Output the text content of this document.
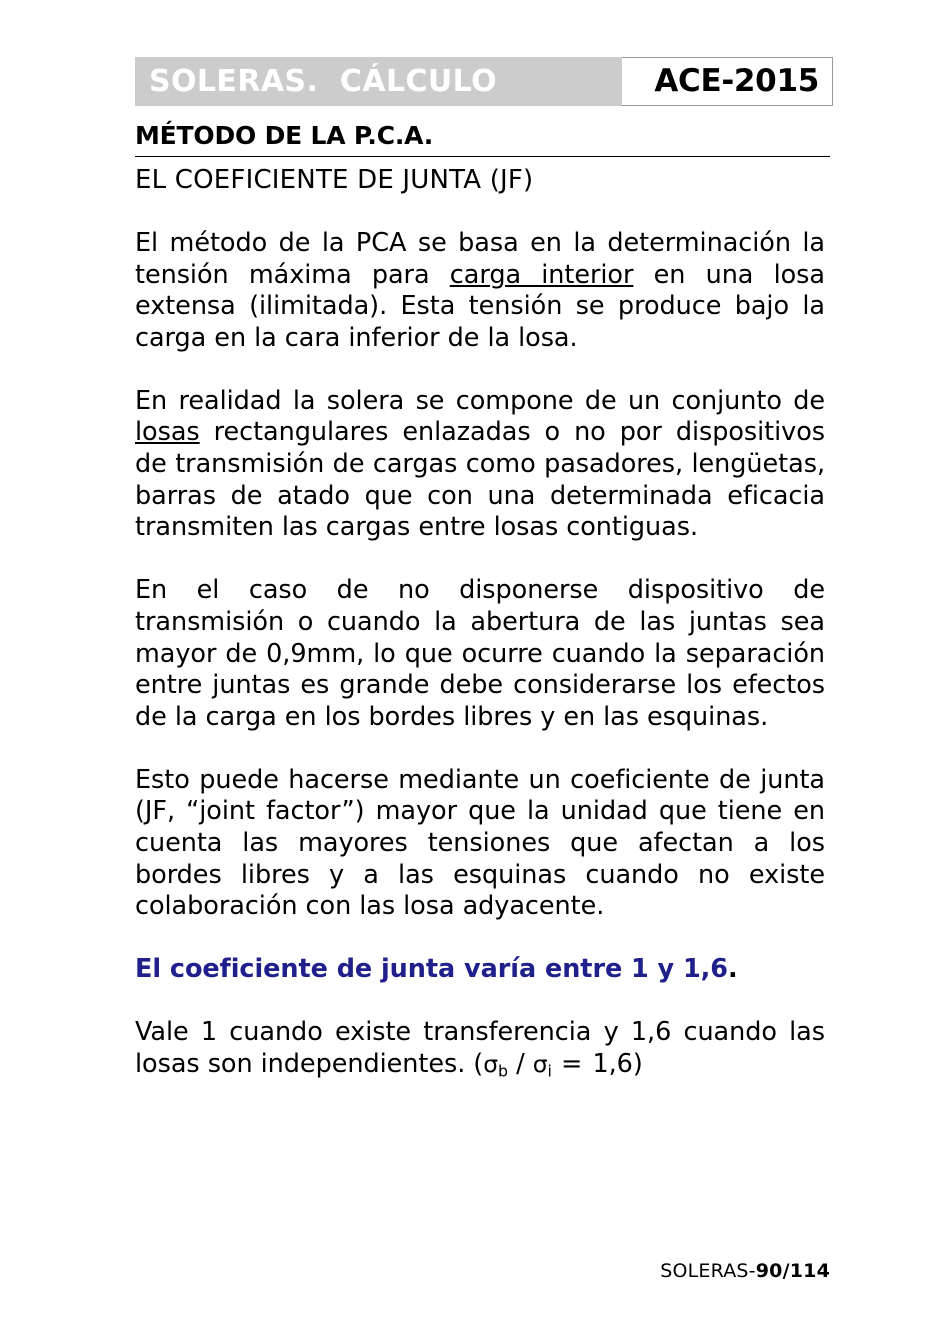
SOLERAS.  CÁLCULO	ACE-2015
MÉTODO DE LA P.C.A.
EL COEFICIENTE DE JUNTA (JF)

El método de la PCA se basa en la determinación la tensión máxima para carga interior en una losa extensa (ilimitada). Esta tensión se produce bajo la carga en la cara inferior de la losa.

En realidad la solera se compone de un conjunto de losas rectangulares enlazadas o no por dispositivos de transmisión de cargas como pasadores, lengüetas, barras de atado que con una determinada eficacia transmiten las cargas entre losas contiguas.

En el caso de no disponerse dispositivo de transmisión o cuando la abertura de las juntas sea mayor de 0,9mm, lo que ocurre cuando la separación entre juntas es grande debe considerarse los efectos de la carga en los bordes libres y en las esquinas.

Esto puede hacerse mediante un coeficiente de junta (JF, “joint factor”) mayor que la unidad que tiene en cuenta las mayores tensiones que afectan a los bordes libres y a las esquinas cuando no existe colaboración con las losa adyacente.

El coeficiente de junta varía entre 1 y 1,6.

Vale 1 cuando existe transferencia y 1,6 cuando las losas son independientes. $(\sigma_b / \sigma_i = 1,6)$

SOLERAS-90/114
